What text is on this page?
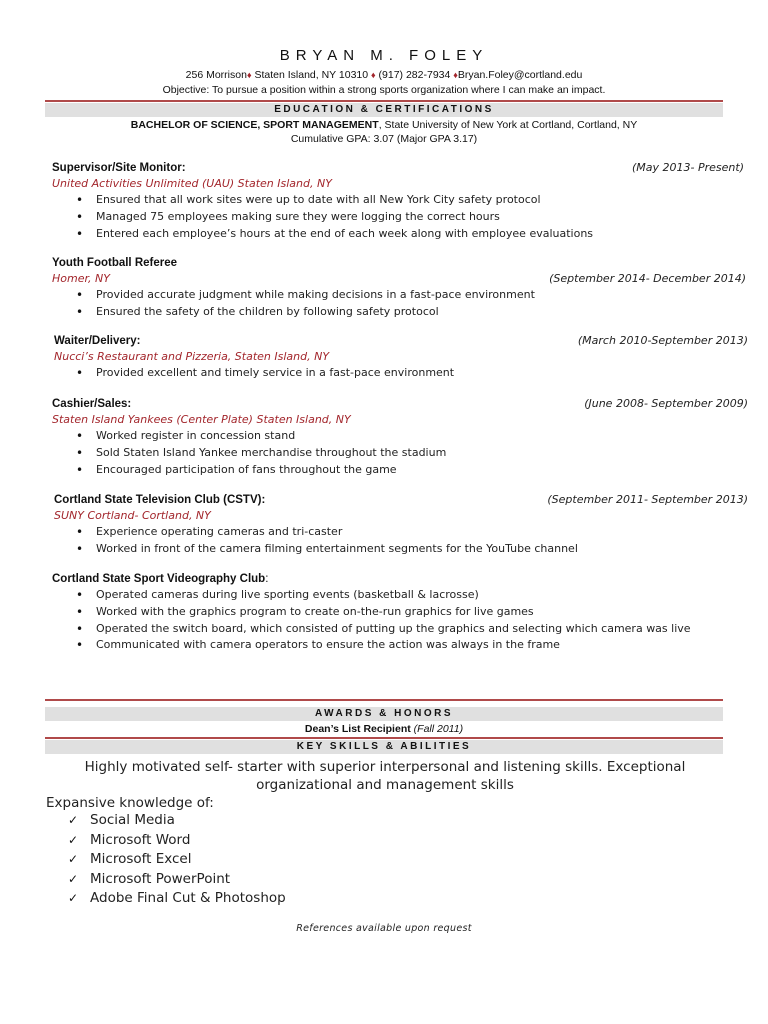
BRYAN M. FOLEY
256 Morrison♦ Staten Island, NY 10310 ♦ (917) 282-7934 ♦Bryan.Foley@cortland.edu
Objective: To pursue a position within a strong sports organization where I can make an impact.
EDUCATION & CERTIFICATIONS
BACHELOR OF SCIENCE, SPORT MANAGEMENT, State University of New York at Cortland, Cortland, NY
Cumulative GPA: 3.07 (Major GPA 3.17)
Supervisor/Site Monitor:	(May 2013- Present)
United Activities Unlimited (UAU) Staten Island, NY
• Ensured that all work sites were up to date with all New York City safety protocol
• Managed 75 employees making sure they were logging the correct hours
• Entered each employee’s hours at the end of each week along with employee evaluations
Youth Football Referee
(September 2014- December 2014)
Homer, NY
• Provided accurate judgment while making decisions in a fast-pace environment
• Ensured the safety of the children by following safety protocol
Waiter/Delivery:	(March 2010-September 2013)
Nucci’s Restaurant and Pizzeria, Staten Island, NY
• Provided excellent and timely service in a fast-pace environment
Cashier/Sales:	(June 2008- September 2009)
Staten Island Yankees (Center Plate) Staten Island, NY
• Worked register in concession stand
• Sold Staten Island Yankee merchandise throughout the stadium
• Encouraged participation of fans throughout the game
Cortland State Television Club (CSTV):	(September 2011- September 2013)
SUNY Cortland- Cortland, NY
• Experience operating cameras and tri-caster
• Worked in front of the camera filming entertainment segments for the YouTube channel
Cortland State Sport Videography Club:
• Operated cameras during live sporting events (basketball & lacrosse)
• Worked with the graphics program to create on-the-run graphics for live games
• Operated the switch board, which consisted of putting up the graphics and selecting which camera was live
• Communicated with camera operators to ensure the action was always in the frame
AWARDS & HONORS
Dean’s List Recipient (Fall 2011)
KEY SKILLS & ABILITIES
Highly motivated self- starter with superior interpersonal and listening skills. Exceptional organizational and management skills
Expansive knowledge of:
✓ Social Media
✓ Microsoft Word
✓ Microsoft Excel
✓ Microsoft PowerPoint
✓ Adobe Final Cut & Photoshop
References available upon request
